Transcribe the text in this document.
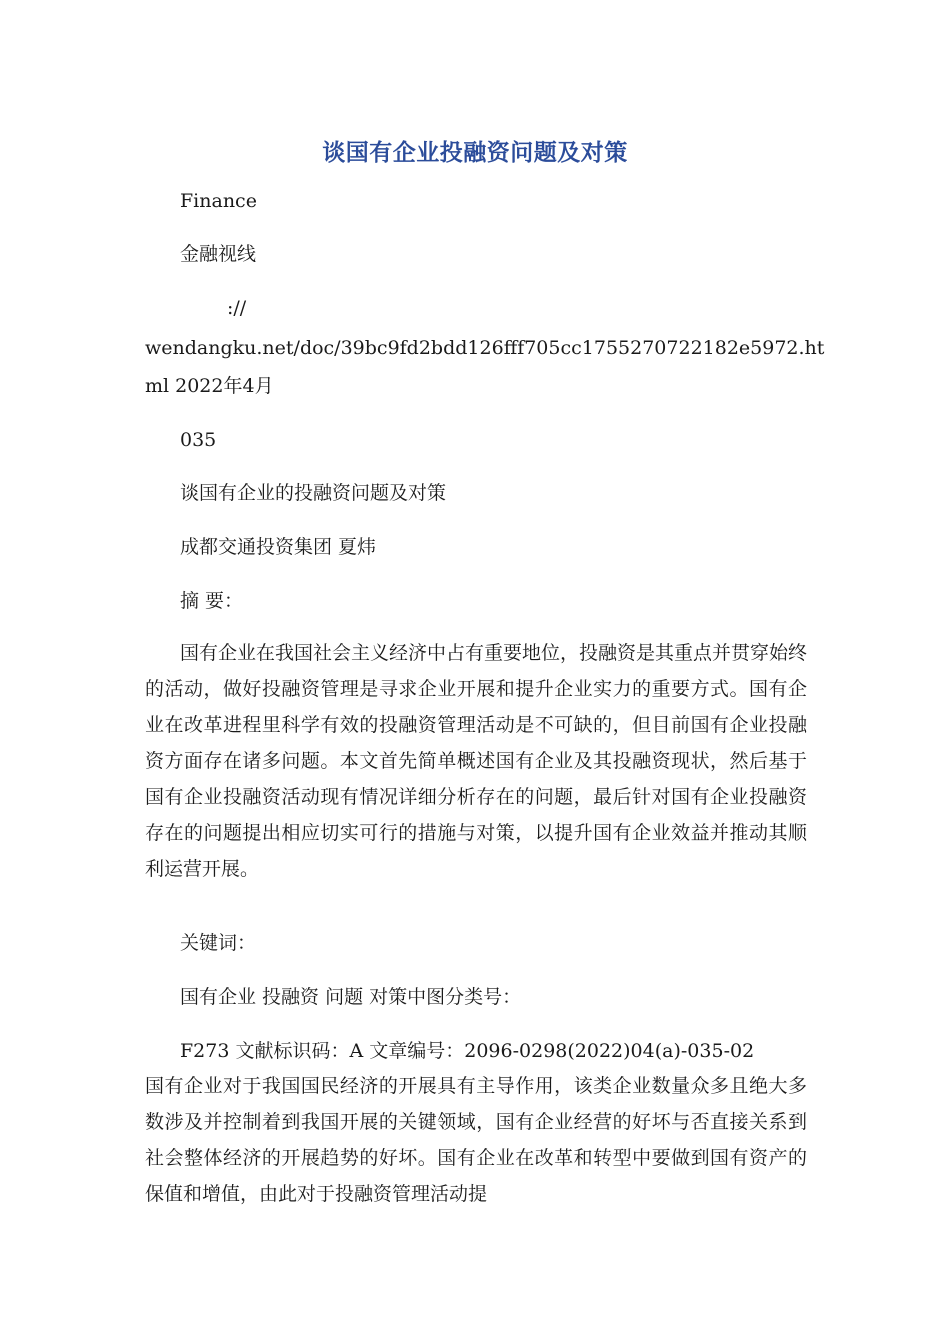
谈国有企业投融资问题及对策
Finance
金融视线
://
wendangku.net/doc/39bc9fd2bdd126fff705cc1755270722182e5972.ht
ml 2022年4月
035
谈国有企业的投融资问题及对策
成都交通投资集团 夏炜
摘 要：
国有企业在我国社会主义经济中占有重要地位，投融资是其重点并贯穿始终的活动，做好投融资管理是寻求企业开展和提升企业实力的重要方式。国有企业在改革进程里科学有效的投融资管理活动是不可缺的，但目前国有企业投融资方面存在诸多问题。本文首先简单概述国有企业及其投融资现状，然后基于国有企业投融资活动现有情况详细分析存在的问题，最后针对国有企业投融资存在的问题提出相应切实可行的措施与对策，以提升国有企业效益并推动其顺利运营开展。
关键词：
国有企业 投融资 问题 对策中图分类号：
F273 文献标识码：A 文章编号：2096-0298(2022)04(a)-035-02
国有企业对于我国国民经济的开展具有主导作用，该类企业数量众多且绝大多数涉及并控制着到我国开展的关键领域，国有企业经营的好坏与否直接关系到社会整体经济的开展趋势的好坏。国有企业在改革和转型中要做到国有资产的保值和增值，由此对于投融资管理活动提
